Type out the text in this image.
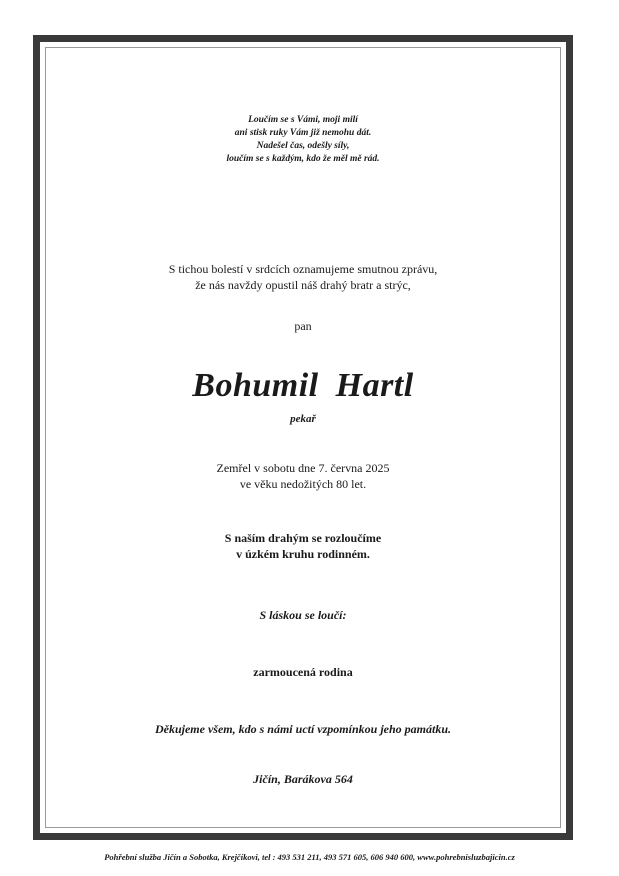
Loučím se s Vámi, moji milí
ani stisk ruky Vám již nemohu dát.
Nadešel čas, odešly síly,
loučím se s každým, kdo že měl mě rád.
S tichou bolestí v srdcích oznamujeme smutnou zprávu,
že nás navždy opustil náš drahý bratr a strýc,
pan
Bohumil Hartl
pekař
Zemřel v sobotu dne 7. června 2025
ve věku nedožitých 80 let.
S naším drahým se rozloučíme
v úzkém kruhu rodinném.
S láskou se loučí:
zarmoucená rodina
Děkujeme všem, kdo s námi uctí vzpomínkou jeho památku.
Jičín, Barákova 564
Pohřební služba Jičín a Sobotka, Krejčíkovi, tel : 493 531 211, 493 571 605, 606 940 600, www.pohrebnisluzbajicin.cz
